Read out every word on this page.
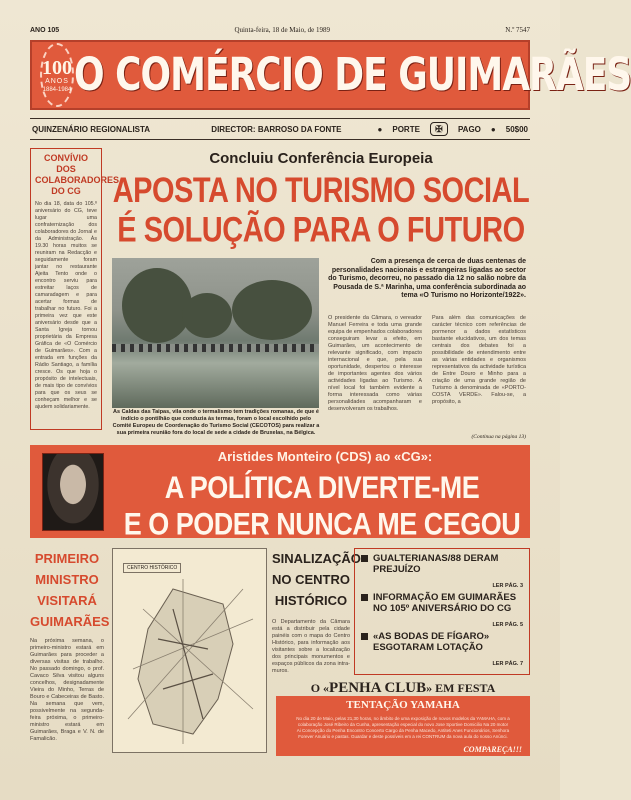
ANO 105	Quinta-feira, 18 de Maio, de 1989	N.º 7547
100
ANOS
1884-1984 O COMÉRCIO DE GUIMARÃES
QUINZENÁRIO REGIONALISTA	DIRECTOR: BARROSO DA FONTE	● PORTE	✠	PAGO ● 50$00
CONVÍVIO DOS COLABORADORES DO CG

No dia 18, data do 105.º aniversário do CG, teve lugar uma confraternização dos colaboradores do Jornal e da Administração. Às 19.30 horas muitos se reuniram na Redacção e seguidamente foram jantar no restaurante Ajeita Tento onde o encontro serviu para estreitar laços de camaradagem e para acertar formas de trabalhar no futuro. Foi a primeira vez que este aniversário desde que a Santa Igreja tornou proprietária da Empresa Gráfica de «O Comércio de Guimarães». Com a entrada em funções da Rádio Santiago, a família cresce. Os que hoja o propósito de intelectuais, de mais tipo de convívios para que os seus se conheçam melhor e se ajudem solidariamente.

Concluiu Conferência Europeia
APOSTA NO TURISMO SOCIAL
É SOLUÇÃO PARA O FUTURO
As Caldas das Taipas, vila onde o termalismo tem tradições romanas, de que é indício o pontilhão que conduzia às termas, foram o local escolhido pelo Comité Europeu de Coordenação do Turismo Social (CECOTOS) para realizar a sua primeira reunião fora do local de sede a cidade de Bruxelas, na Bélgica.
Com a presença de cerca de duas centenas de personalidades nacionais e estrangeiras ligadas ao sector do Turismo, decorreu, no passado dia 12 no salão nobre da Pousada de S.ª Marinha, uma conferência subordinada ao tema «O Turismo no Horizonte/1922».
O presidente da Câmara, o vereador Manuel Ferreira e toda uma grande equipa de empenhados colaboradores conseguiram levar a efeito, em Guimarães, um acontecimento de relevante significado, com impacto internacional e que, pela sua oportunidade, despertou o interesse de importantes agentes dos vários actividades ligadas ao Turismo. A nível local foi também evidente a forma interessada como várias personalidades acompanharam e desenvolveram os trabalhos.
Para além das comunicações de carácter técnico com referências de pormenor a dados estatísticos bastante elucidativos, um dos temas centrais dos debates foi a possibilidade de entendimento entre as várias entidades e organismos representativos da actividade turística de Entre Douro e Minho para a criação de uma grande região de Turismo à denominada de «PORTO-COSTA VERDE». Falou-se, a propósito, a
(Continua na página 13)
Aristides Monteiro (CDS) ao «CG»:
A POLÍTICA DIVERTE-ME
E O PODER NUNCA ME CEGOU
PRIMEIRO MINISTRO VISITARÁ GUIMARÃES

Na próxima semana, o primeiro-ministro estará em Guimarães para proceder a diversas visitas de trabalho. No passado domingo, o prof. Cavaco Silva visitou alguns concelhos, designadamente Vieira do Minho, Terras de Bouro e Cabeceiras de Basto. Na semana que vem, possivelmente na segunda-feira próxima, o primeiro-ministro estará em Guimarães, Braga e V. N. de Famalicão.

CENTRO HISTÓRICO
SINALIZAÇÃO NO CENTRO HISTÓRICO

O Departamento da Câmara está a distribuir pela cidade painéis com o mapa do Centro Histórico, para informação aos visitantes sobre a localização dos principais monumentos e espaços públicos da zona intra-muros.

GUALTERIANAS/88 DERAM PREJUÍZO
LER PÁG. 3
INFORMAÇÃO EM GUIMARÃES NO 105º ANIVERSÁRIO DO CG
LER PÁG. 5
«AS BODAS DE FÍGARO» ESGOTARAM LOTAÇÃO
LER PÁG. 7
O «PENHA CLUB» EM FESTA
TENTAÇÃO YAMAHA
No dia 20 de Maio, pelas 21,30 horas, no âmbito de uma exposição de novos modelos da YAMAHA, com a colaboração José Ribeiro da Cunha, apresentação especial do novo Jose Sportive Domicilio Na 20 motor Ai Concepção do Penha Encontro Concerto Cargo da Penha Macedo, Antiteti Anes Funcionários, Senhora Forever Anuário e pastas. Guardar e deste possíveis em a rei CONTRUM da nova aula do nosso Anúnci.
COMPAREÇA!!!
